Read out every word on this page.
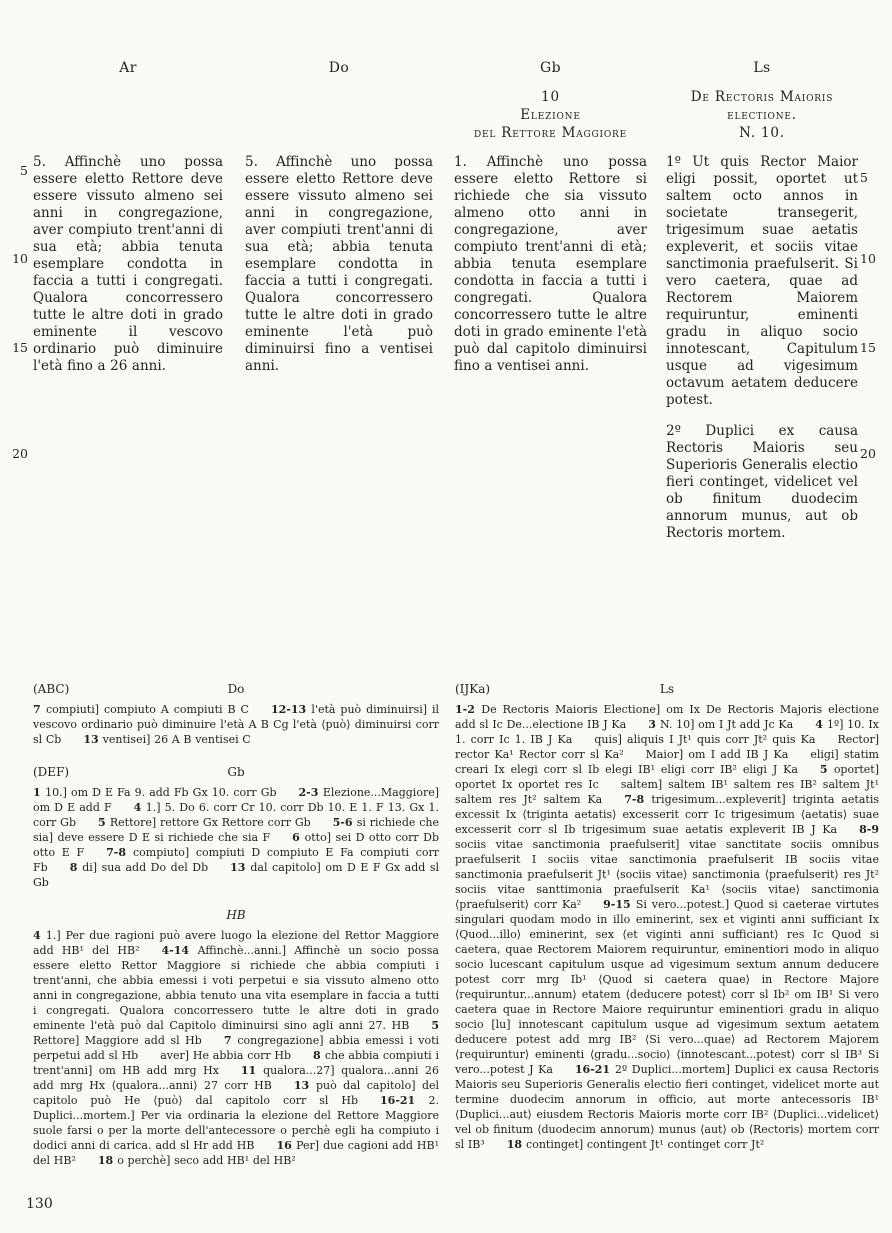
5
10
15
20
5
10
15
20
Ar

5. Affinchè uno possa essere eletto Rettore deve essere vissuto almeno sei anni in congregazione, aver compiuto trent'anni di sua età; abbia tenuta esemplare condotta in faccia a tutti i congregati. Qualora concorressero tutte le altre doti in grado eminente il vescovo ordinario può diminuire l'età fino a 26 anni.

Do

5. Affinchè uno possa essere eletto Rettore deve essere vissuto almeno sei anni in congregazione, aver compiuti trent'anni di sua età; abbia tenuta esemplare condotta in faccia a tutti i congregati. Qualora concorressero tutte le altre doti in grado eminente l'età può diminuirsi fino a ventisei anni.

Gb
10
Elezione
del Rettore Maggiore

1. Affinchè uno possa essere eletto Rettore si richiede che sia vissuto almeno otto anni in congregazione, aver compiuto trent'anni di età; abbia tenuta esemplare condotta in faccia a tutti i congregati. Qualora concorressero tutte le altre doti in grado eminente l'età può dal capitolo diminuirsi fino a ventisei anni.

Ls
De Rectoris Maioris
electione.
N. 10.

1º Ut quis Rector Maior eligi possit, oportet ut saltem octo annos in societate transegerit, trigesimum suae aetatis expleverit, et sociis vitae sanctimonia praefulserit. Si vero caetera, quae ad Rectorem Maiorem requiruntur, eminenti gradu in aliquo socio innotescant, Capitulum usque ad vigesimum octavum aetatem deducere potest.

2º Duplici ex causa Rectoris Maioris seu Superioris Generalis electio fieri continget, videlicet vel ob finitum duodecim annorum munus, aut ob Rectoris mortem.

(ABC)	Do

7 compiuti] compiuto A compiuti B C   12-13 l'età può diminuirsi] il vescovo ordinario può diminuire l'età A B Cg l'età ⟨può⟩ diminuirsi corr sl Cb   13 ventisei] 26 A B ventisei C

(DEF)	Gb

1 10.] om D E Fa 9. add Fb Gx 10. corr Gb   2-3 Elezione...Maggiore] om D E add F   4 1.] 5. Do 6. corr Cr 10. corr Db 10. E 1. F 13. Gx 1. corr Gb   5 Rettore] rettore Gx Rettore corr Gb   5-6 si richiede che sia] deve essere D E si richiede che sia F   6 otto] sei D otto corr Db otto E F   7-8 compiuto] compiuti D compiuto E Fa compiuti corr Fb   8 di] sua add Do del Db   13 dal capitolo] om D E F Gx add sl Gb

HB

4 1.] Per due ragioni può avere luogo la elezione del Rettor Maggiore add HB¹ del HB²   4-14 Affinchè...anni.] Affinchè un socio possa essere eletto Rettor Maggiore si richiede che abbia compiuti i trent'anni, che abbia emessi i voti perpetui e sia vissuto almeno otto anni in congregazione, abbia tenuto una vita esemplare in faccia a tutti i congregati. Qualora concorressero tutte le altre doti in grado eminente l'età può dal Capitolo diminuirsi sino agli anni 27. HB   5 Rettore] Maggiore add sl Hb   7 congregazione] abbia emessi i voti perpetui add sl Hb   aver] He abbia corr Hb   8 che abbia compiuti i trent'anni] om HB add mrg Hx   11 qualora...27] qualora...anni 26 add mrg Hx ⟨qualora...anni⟩ 27 corr HB   13 può dal capitolo] del capitolo può He ⟨può⟩ dal capitolo corr sl Hb   16-21 2. Duplici...mortem.] Per via ordinaria la elezione del Rettore Maggiore suole farsi o per la morte dell'antecessore o perchè egli ha compiuto i dodici anni di carica. add sl Hr add HB   16 Per] due cagioni add HB¹ del HB²   18 o perchè] seco add HB¹ del HB²

(IJKa)	Ls

1-2 De Rectoris Maioris Electione] om Ix De Rectoris Majoris electione add sl Ic De...electione IB J Ka   3 N. 10] om I Jt add Jc Ka   4 1º] 10. Ix 1. corr Ic 1. IB J Ka   quis] aliquis I Jt¹ quis corr Jt² quis Ka   Rector] rector Ka¹ Rector corr sl Ka²   Maior] om I add IB J Ka   eligi] statim creari Ix elegi corr sl Ib elegi IB¹ eligi corr IB² eligi J Ka   5 oportet] oportet Ix oportet res Ic   saltem] saltem IB¹ saltem res IB² saltem Jt¹ saltem res Jt² saltem Ka   7-8 trigesimum...expleverit] triginta aetatis excessit Ix ⟨triginta aetatis⟩ excesserit corr Ic trigesimum ⟨aetatis⟩ suae excesserit corr sl Ib trigesimum suae aetatis expleverit IB J Ka   8-9 sociis vitae sanctimonia praefulserit] vitae sanctitate sociis omnibus praefulserit I sociis vitae sanctimonia praefulserit IB sociis vitae sanctimonia praefulserit Jt¹ ⟨sociis vitae⟩ sanctimonia ⟨praefulserit⟩ res Jt² sociis vitae santtimonia praefulserit Ka¹ ⟨sociis vitae⟩ sanctimonia ⟨praefulserit⟩ corr Ka²   9-15 Si vero...potest.] Quod si caeterae virtutes singulari quodam modo in illo eminerint, sex et viginti anni sufficiant Ix ⟨Quod...illo⟩ eminerint, sex ⟨et viginti anni sufficiant⟩ res Ic Quod si caetera, quae Rectorem Maiorem requiruntur, eminentiori modo in aliquo socio lucescant capitulum usque ad vigesimum sextum annum deducere potest corr mrg Ib¹ ⟨Quod si caetera quae⟩ in Rectore Majore ⟨requiruntur...annum⟩ etatem ⟨deducere potest⟩ corr sl Ib² om IB¹ Si vero caetera quae in Rectore Maiore requiruntur eminentiori gradu in aliquo socio [lu] innotescant capitulum usque ad vigesimum sextum aetatem deducere potest add mrg IB² ⟨Si vero...quae⟩ ad Rectorem Majorem ⟨requiruntur⟩ eminenti ⟨gradu...socio⟩ ⟨innotescant...potest⟩ corr sl IB³ Si vero...potest J Ka   16-21 2º Duplici...mortem] Duplici ex causa Rectoris Maioris seu Superioris Generalis electio fieri continget, videlicet morte aut termine duodecim annorum in officio, aut morte antecessoris IB¹ ⟨Duplici...aut⟩ eiusdem Rectoris Maioris morte corr IB² ⟨Duplici...videlicet⟩ vel ob finitum ⟨duodecim annorum⟩ munus ⟨aut⟩ ob ⟨Rectoris⟩ mortem corr sl IB³   18 continget] contingent Jt¹ continget corr Jt²

130
